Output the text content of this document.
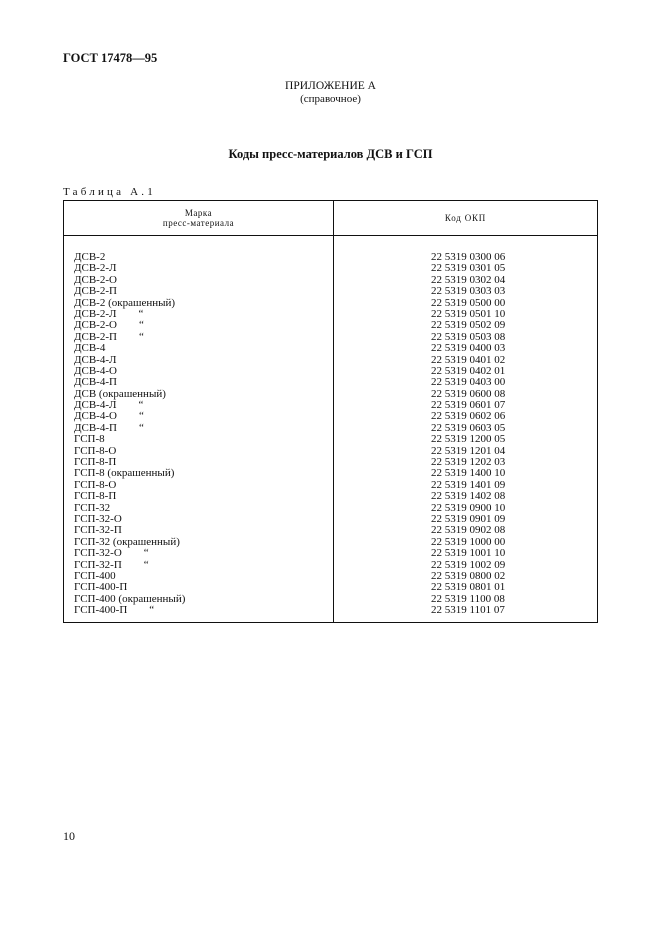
ГОСТ 17478—95
ПРИЛОЖЕНИЕ А
(справочное)
Коды пресс-материалов ДСВ и ГСП
Таблица А.1
Марка
пресс-материала	Код ОКП
ДСВ-2	22 5319 0300 06
ДСВ-2-Л	22 5319 0301 05
ДСВ-2-О	22 5319 0302 04
ДСВ-2-П	22 5319 0303 03
ДСВ-2 (окрашенный)	22 5319 0500 00
ДСВ-2-Л “	22 5319 0501 10
ДСВ-2-О “	22 5319 0502 09
ДСВ-2-П “	22 5319 0503 08
ДСВ-4	22 5319 0400 03
ДСВ-4-Л	22 5319 0401 02
ДСВ-4-О	22 5319 0402 01
ДСВ-4-П	22 5319 0403 00
ДСВ (окрашенный)	22 5319 0600 08
ДСВ-4-Л “	22 5319 0601 07
ДСВ-4-О “	22 5319 0602 06
ДСВ-4-П “	22 5319 0603 05
ГСП-8	22 5319 1200 05
ГСП-8-О	22 5319 1201 04
ГСП-8-П	22 5319 1202 03
ГСП-8 (окрашенный)	22 5319 1400 10
ГСП-8-О	22 5319 1401 09
ГСП-8-П	22 5319 1402 08
ГСП-32	22 5319 0900 10
ГСП-32-О	22 5319 0901 09
ГСП-32-П	22 5319 0902 08
ГСП-32 (окрашенный)	22 5319 1000 00
ГСП-32-О “	22 5319 1001 10
ГСП-32-П “	22 5319 1002 09
ГСП-400	22 5319 0800 02
ГСП-400-П	22 5319 0801 01
ГСП-400 (окрашенный)	22 5319 1100 08
ГСП-400-П “	22 5319 1101 07
10
